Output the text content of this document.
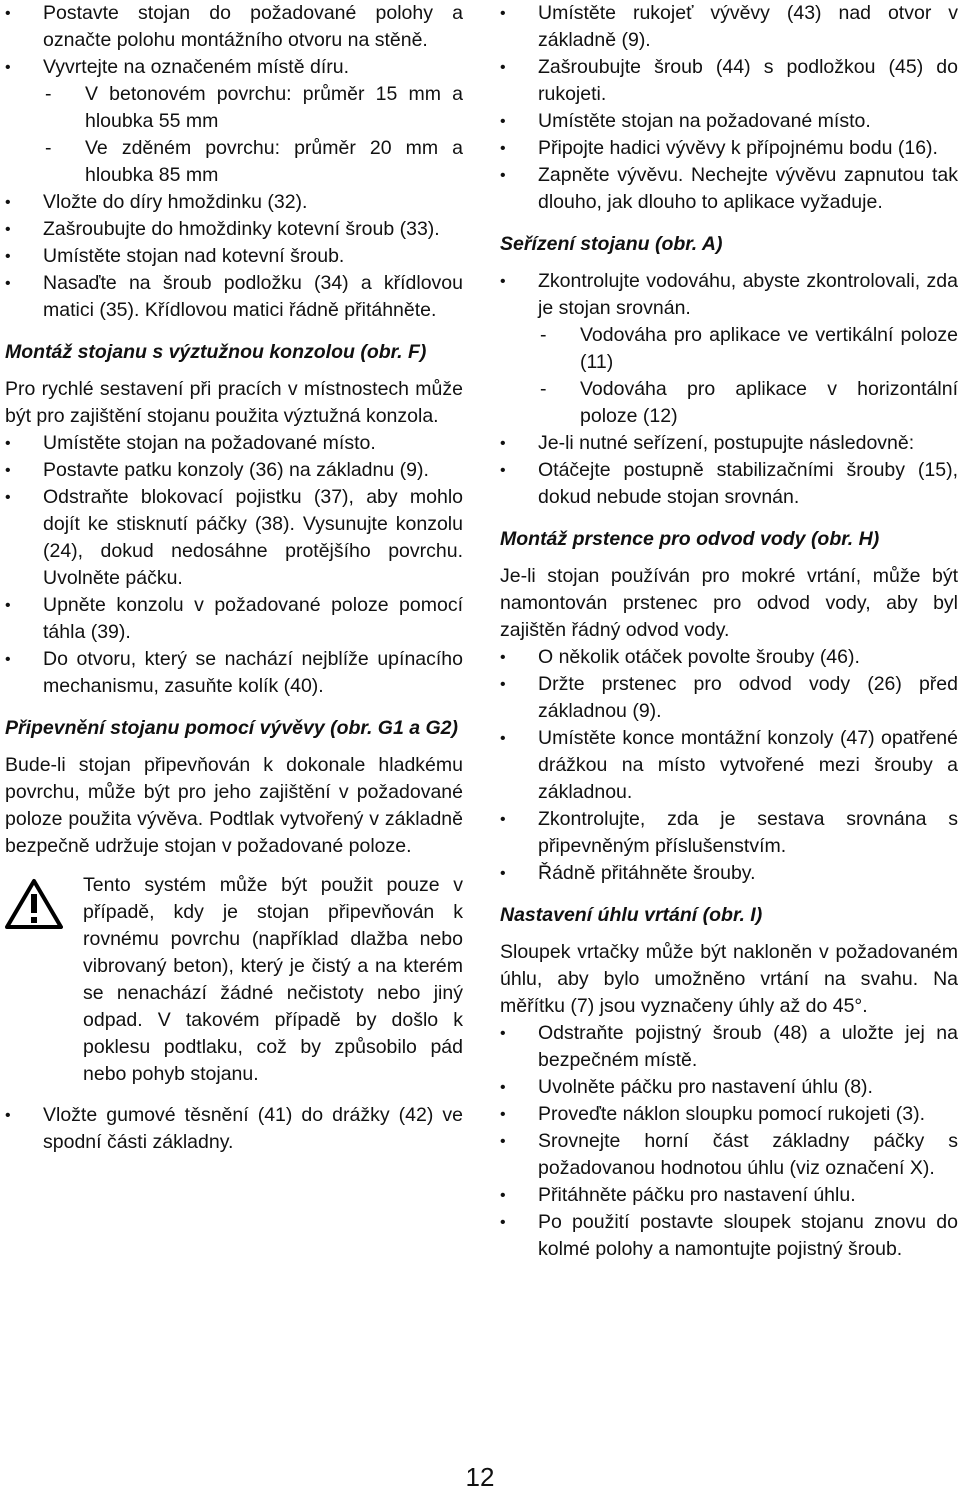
• Postavte stojan do požadované polohy a označte polohu montážního otvoru na stěně.
• Vyvrtejte na označeném místě díru.
- V betonovém povrchu: průměr 15 mm a hloubka 55 mm
- Ve zděném povrchu: průměr 20 mm a hloubka 85 mm
• Vložte do díry hmoždinku (32).
• Zašroubujte do hmoždinky kotevní šroub (33).
• Umístěte stojan nad kotevní šroub.
• Nasaďte na šroub podložku (34) a křídlovou matici (35). Křídlovou matici řádně přitáhněte.
Montáž stojanu s výztužnou konzolou (obr. F)
Pro rychlé sestavení při pracích v místnostech může být pro zajištění stojanu použita výztužná konzola.
• Umístěte stojan na požadované místo.
• Postavte patku konzoly (36) na základnu (9).
• Odstraňte blokovací pojistku (37), aby mohlo dojít ke stisknutí páčky (38). Vysunujte konzolu (24), dokud nedosáhne protějšího povrchu. Uvolněte páčku.
• Upněte konzolu v požadované poloze pomocí táhla (39).
• Do otvoru, který se nachází nejblíže upínacího mechanismu, zasuňte kolík (40).
Připevnění stojanu pomocí vývěvy (obr. G1 a G2)
Bude-li stojan připevňován k dokonale hladkému povrchu, může být pro jeho zajištění v požadované poloze použita vývěva. Podtlak vytvořený v základně bezpečně udržuje stojan v požadované poloze.
Tento systém může být použit pouze v případě, kdy je stojan připevňován k rovnému povrchu (například dlažba nebo vibrovaný beton), který je čistý a na kterém se nenachází žádné nečistoty nebo jiný odpad. V takovém případě by došlo k poklesu podtlaku, což by způsobilo pád nebo pohyb stojanu.
• Vložte gumové těsnění (41) do drážky (42) ve spodní části základny.
• Umístěte rukojeť vývěvy (43) nad otvor v základně (9).
• Zašroubujte šroub (44) s podložkou (45) do rukojeti.
• Umístěte stojan na požadované místo.
• Připojte hadici vývěvy k přípojnému bodu (16).
• Zapněte vývěvu. Nechejte vývěvu zapnutou tak dlouho, jak dlouho to aplikace vyžaduje.
Seřízení stojanu (obr. A)
• Zkontrolujte vodováhu, abyste zkontrolovali, zda je stojan srovnán.
- Vodováha pro aplikace ve vertikální poloze (11)
- Vodováha pro aplikace v horizontální poloze (12)
• Je-li nutné seřízení, postupujte následovně:
• Otáčejte postupně stabilizačními šrouby (15), dokud nebude stojan srovnán.
Montáž prstence pro odvod vody (obr. H)
Je-li stojan používán pro mokré vrtání, může být namontován prstenec pro odvod vody, aby byl zajištěn řádný odvod vody.
• O několik otáček povolte šrouby (46).
• Držte prstenec pro odvod vody (26) před základnou (9).
• Umístěte konce montážní konzoly (47) opatřené drážkou na místo vytvořené mezi šrouby a základnou.
• Zkontrolujte, zda je sestava srovnána s připevněným příslušenstvím.
• Řádně přitáhněte šrouby.
Nastavení úhlu vrtání (obr. I)
Sloupek vrtačky může být nakloněn v požadovaném úhlu, aby bylo umožněno vrtání na svahu. Na měřítku (7) jsou vyznačeny úhly až do 45°.
• Odstraňte pojistný šroub (48) a uložte jej na bezpečném místě.
• Uvolněte páčku pro nastavení úhlu (8).
• Proveďte náklon sloupku pomocí rukojeti (3).
• Srovnejte horní část základny páčky s požadovanou hodnotou úhlu (viz označení X).
• Přitáhněte páčku pro nastavení úhlu.
• Po použití postavte sloupek stojanu znovu do kolmé polohy a namontujte pojistný šroub.
12
